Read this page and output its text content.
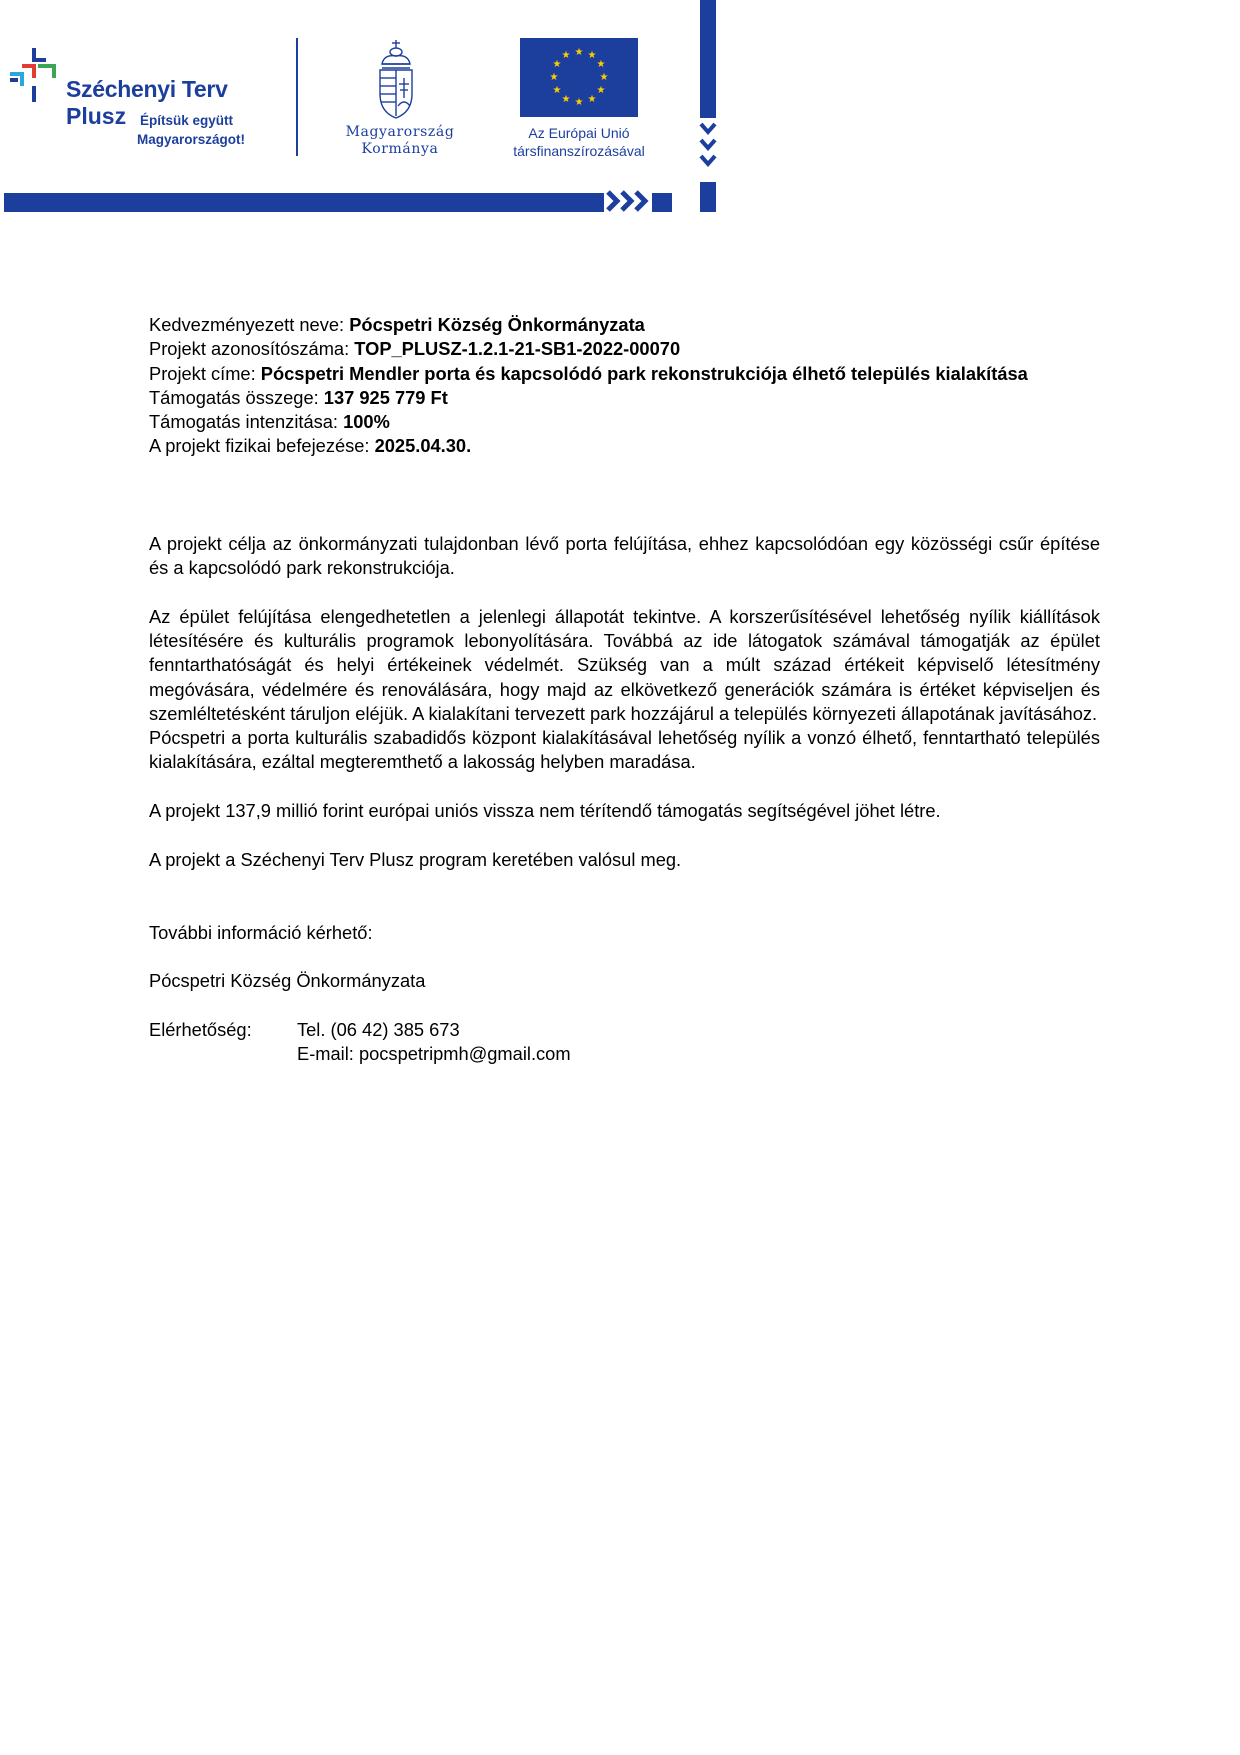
Széchenyi Terv
Plusz Építsük együtt
Magyarországot!	Magyarország
Kormánya
★ ★
★
★
★
★
★
★
★
★
★
★
Az Európai Unió
társfinanszírozásával

Kedvezményezett neve: Pócspetri Község Önkormányzata

Projekt azonosítószáma: TOP_PLUSZ-1.2.1-21-SB1-2022-00070

Projekt címe: Pócspetri Mendler porta és kapcsolódó park rekonstrukciója élhető település kialakítása

Támogatás összege: 137 925 779 Ft

Támogatás intenzitása: 100%

A projekt fizikai befejezése: 2025.04.30.

A projekt célja az önkormányzati tulajdonban lévő porta felújítása, ehhez kapcsolódóan egy közösségi csűr építése és a kapcsolódó park rekonstrukciója.

Az épület felújítása elengedhetetlen a jelenlegi állapotát tekintve. A korszerűsítésével lehetőség nyílik kiállítások létesítésére és kulturális programok lebonyolítására. Továbbá az ide látogatok számával támogatják az épület fenntarthatóságát és helyi értékeinek védelmét. Szükség van a múlt század értékeit képviselő létesítmény megóvására, védelmére és renoválására, hogy majd az elkövetkező generációk számára is értéket képviseljen és szemléltetésként táruljon eléjük. A kialakítani tervezett park hozzájárul a település környezeti állapotának javításához.

Pócspetri a porta kulturális szabadidős központ kialakításával lehetőség nyílik a vonzó élhető, fenntartható település kialakítására, ezáltal megteremthető a lakosság helyben maradása.

A projekt 137,9 millió forint európai uniós vissza nem térítendő támogatás segítségével jöhet létre.

A projekt a Széchenyi Terv Plusz program keretében valósul meg.

További információ kérhető:

Pócspetri Község Önkormányzata

Elérhetőség:	Tel. (06 42) 385 673
E-mail: pocspetripmh@gmail.com
